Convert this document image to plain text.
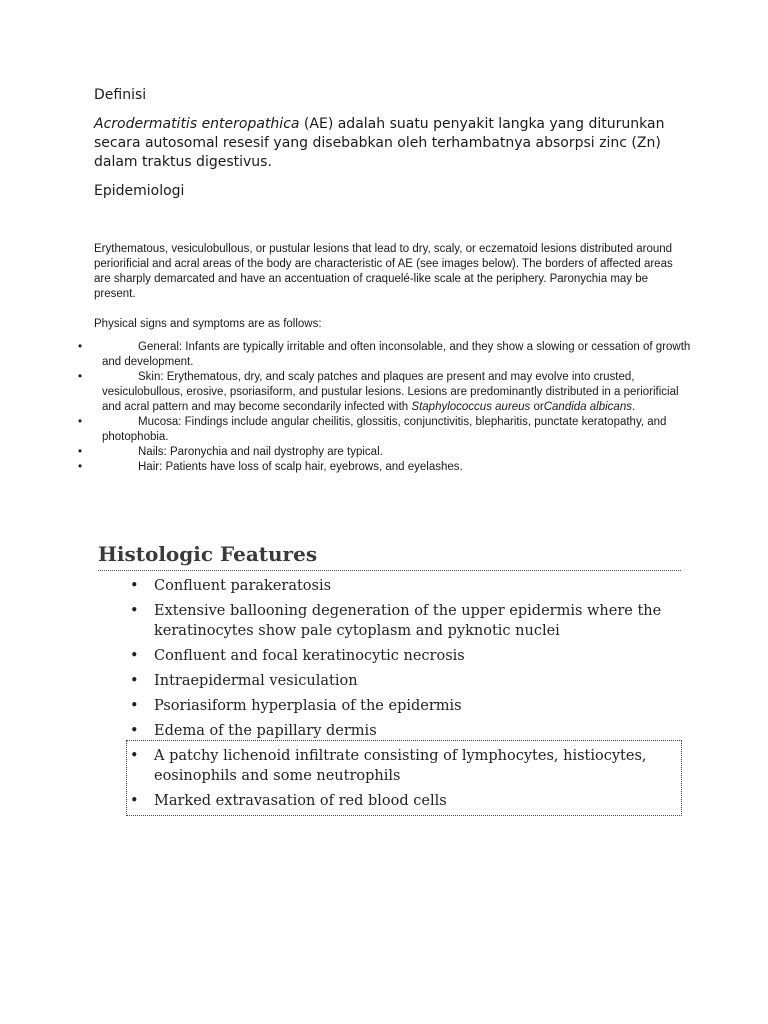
Definisi
Acrodermatitis enteropathica (AE) adalah suatu penyakit langka yang diturunkan secara autosomal resesif yang disebabkan oleh terhambatnya absorpsi zinc (Zn) dalam traktus digestivus.
Epidemiologi
Erythematous, vesiculobullous, or pustular lesions that lead to dry, scaly, or eczematoid lesions distributed around periorificial and acral areas of the body are characteristic of AE (see images below). The borders of affected areas are sharply demarcated and have an accentuation of craquelé-like scale at the periphery. Paronychia may be present.
Physical signs and symptoms are as follows:
•	General: Infants are typically irritable and often inconsolable, and they show a slowing or cessation of growth and development.
•	Skin: Erythematous, dry, and scaly patches and plaques are present and may evolve into crusted, vesiculobullous, erosive, psoriasiform, and pustular lesions. Lesions are predominantly distributed in a periorificial and acral pattern and may become secondarily infected with Staphylococcus aureus orCandida albicans.
•	Mucosa: Findings include angular cheilitis, glossitis, conjunctivitis, blepharitis, punctate keratopathy, and photophobia.
•	Nails: Paronychia and nail dystrophy are typical.
•	Hair: Patients have loss of scalp hair, eyebrows, and eyelashes.
Histologic Features
•	Confluent parakeratosis
•	Extensive ballooning degeneration of the upper epidermis where the keratinocytes show pale cytoplasm and pyknotic nuclei
•	Confluent and focal keratinocytic necrosis
•	Intraepidermal vesiculation
•	Psoriasiform hyperplasia of the epidermis
•	Edema of the papillary dermis
•	A patchy lichenoid infiltrate consisting of lymphocytes, histiocytes, eosinophils and some neutrophils
•	Marked extravasation of red blood cells
